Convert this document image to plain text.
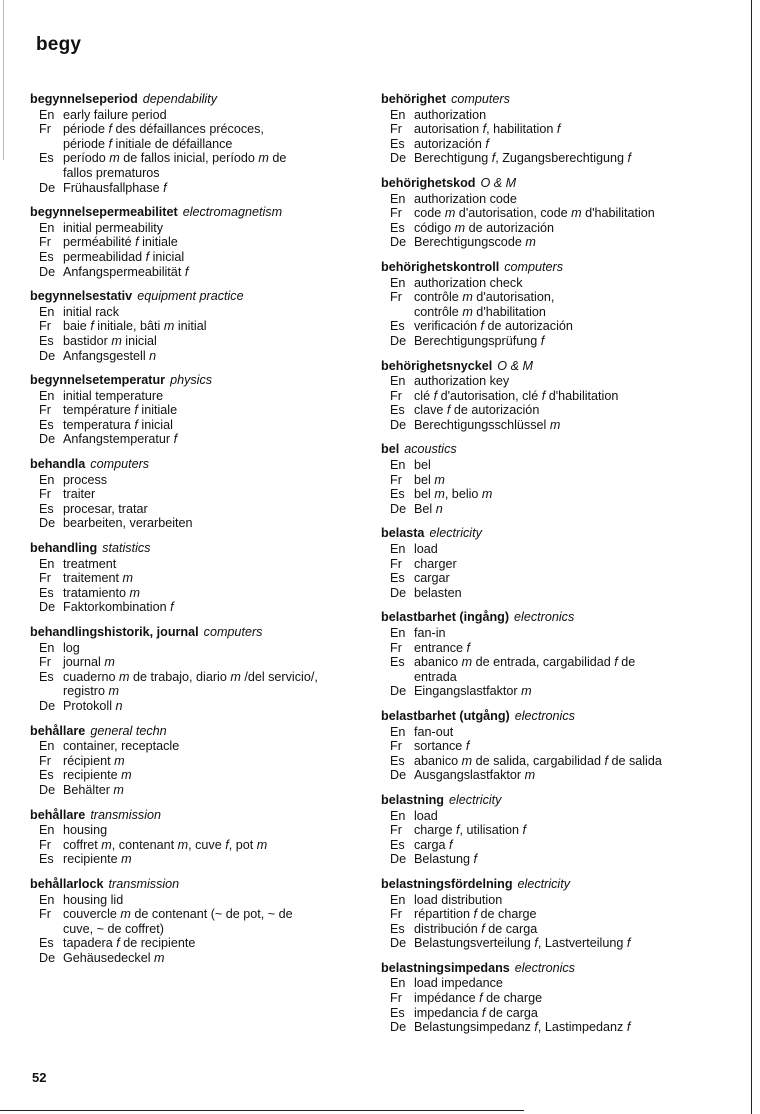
begy
begynnelseperiod dependability
En early failure period
Fr période f des défaillances précoces,
période f initiale de défaillance
Es período m de fallos inicial, período m de
fallos prematuros
De Frühausfallphase f
begynnelsepermeabilitet electromagnetism
En initial permeability
Fr perméabilité f initiale
Es permeabilidad f inicial
De Anfangspermeabilität f
begynnelsestativ equipment practice
En initial rack
Fr baie f initiale, bâti m initial
Es bastidor m inicial
De Anfangsgestell n
begynnelsetemperatur physics
En initial temperature
Fr température f initiale
Es temperatura f inicial
De Anfangstemperatur f
behandla computers
En process
Fr traiter
Es procesar, tratar
De bearbeiten, verarbeiten
behandling statistics
En treatment
Fr traitement m
Es tratamiento m
De Faktorkombination f
behandlingshistorik, journal computers
En log
Fr journal m
Es cuaderno m de trabajo, diario m /del servicio/,
registro m
De Protokoll n
behållare general techn
En container, receptacle
Fr récipient m
Es recipiente m
De Behälter m
behållare transmission
En housing
Fr coffret m, contenant m, cuve f, pot m
Es recipiente m
behållarlock transmission
En housing lid
Fr couvercle m de contenant (~ de pot, ~ de
cuve, ~ de coffret)
Es tapadera f de recipiente
De Gehäusedeckel m
behörighet computers
En authorization
Fr autorisation f, habilitation f
Es autorización f
De Berechtigung f, Zugangsberechtigung f
behörighetskod O & M
En authorization code
Fr code m d'autorisation, code m d'habilitation
Es código m de autorización
De Berechtigungscode m
behörighetskontroll computers
En authorization check
Fr contrôle m d'autorisation,
contrôle m d'habilitation
Es verificación f de autorización
De Berechtigungsprüfung f
behörighetsnyckel O & M
En authorization key
Fr clé f d'autorisation, clé f d'habilitation
Es clave f de autorización
De Berechtigungsschlüssel m
bel acoustics
En bel
Fr bel m
Es bel m, belio m
De Bel n
belasta electricity
En load
Fr charger
Es cargar
De belasten
belastbarhet (ingång) electronics
En fan-in
Fr entrance f
Es abanico m de entrada, cargabilidad f de
entrada
De Eingangslastfaktor m
belastbarhet (utgång) electronics
En fan-out
Fr sortance f
Es abanico m de salida, cargabilidad f de salida
De Ausgangslastfaktor m
belastning electricity
En load
Fr charge f, utilisation f
Es carga f
De Belastung f
belastningsfördelning electricity
En load distribution
Fr répartition f de charge
Es distribución f de carga
De Belastungsverteilung f, Lastverteilung f
belastningsimpedans electronics
En load impedance
Fr impédance f de charge
Es impedancia f de carga
De Belastungsimpedanz f, Lastimpedanz f
52
